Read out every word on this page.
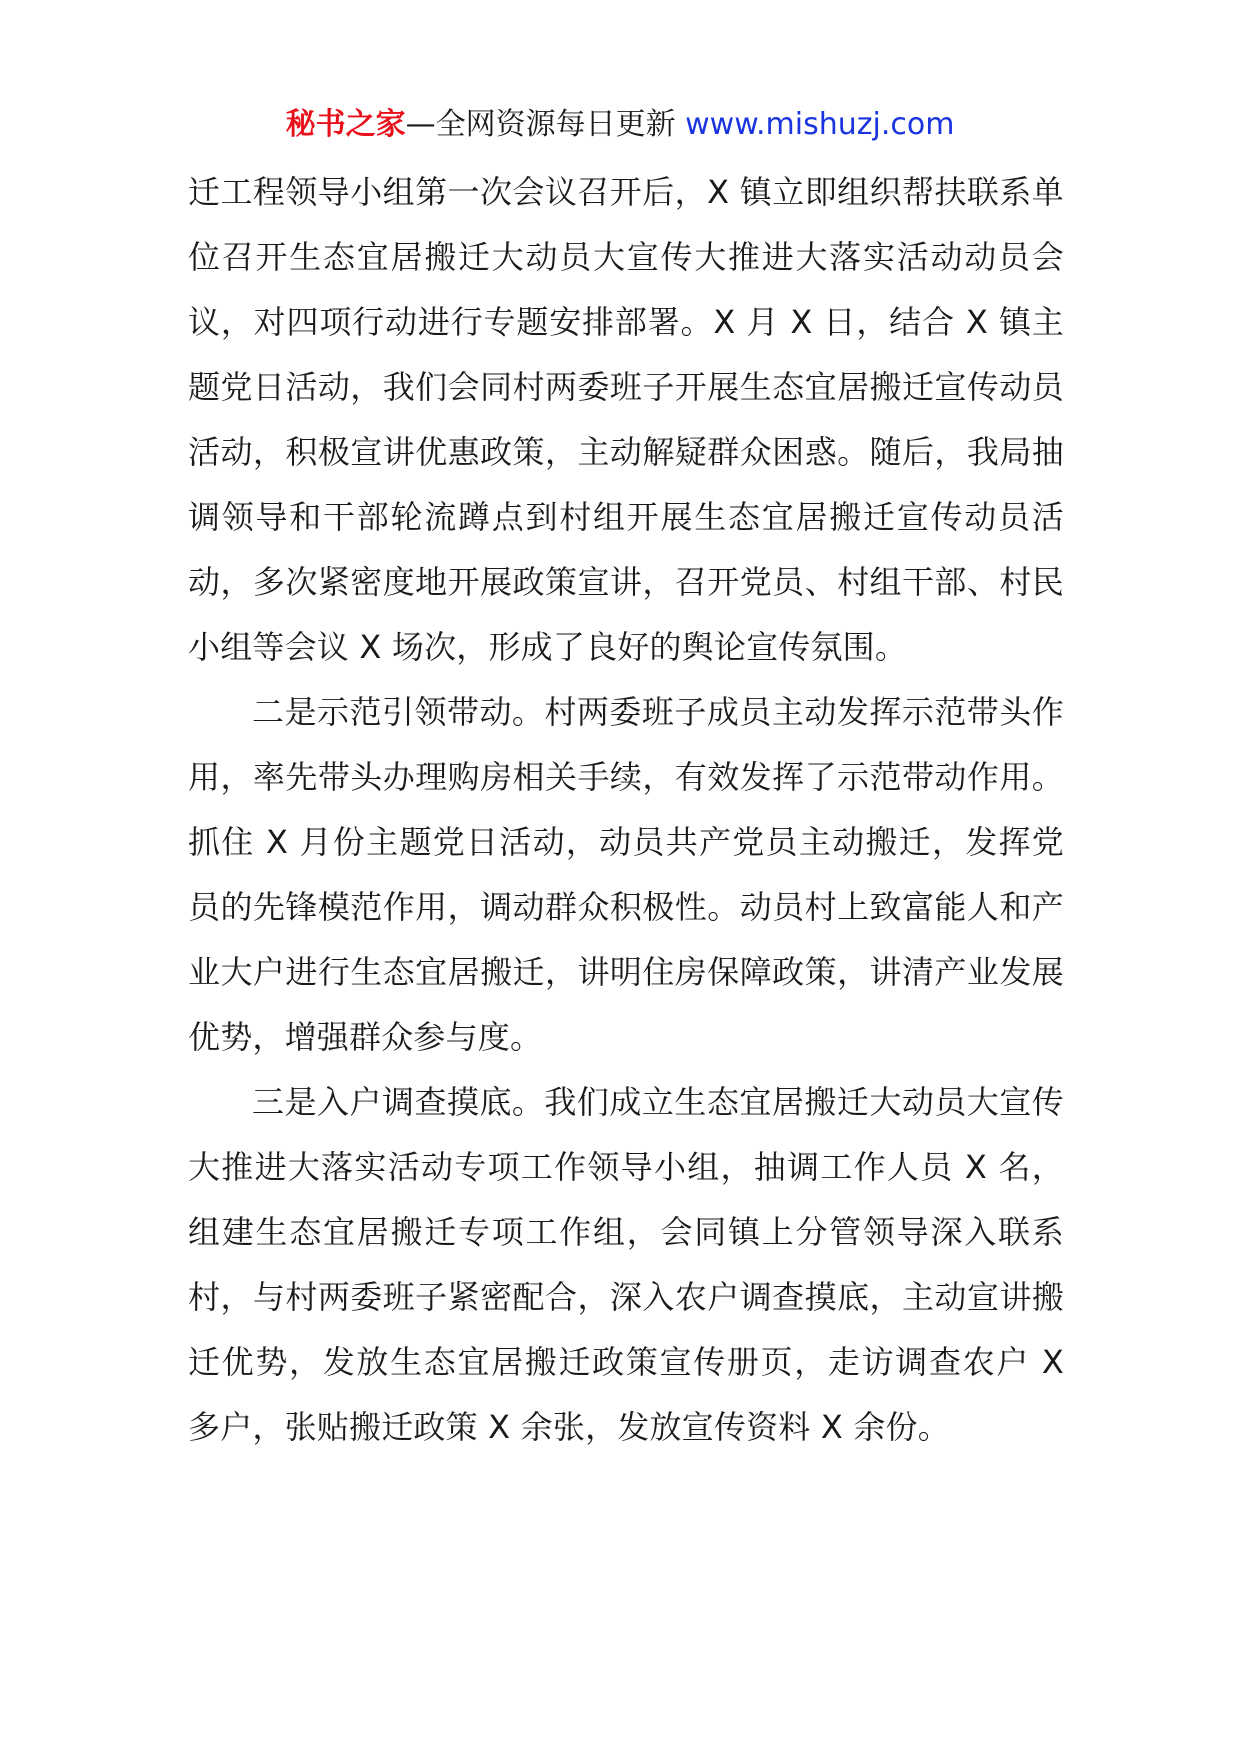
秘书之家—全网资源每日更新 www.mishuzj.com

迁工程领导小组第一次会议召开后，X 镇立即组织帮扶联系单位召开生态宜居搬迁大动员大宣传大推进大落实活动动员会议，对四项行动进行专题安排部署。X 月 X 日，结合 X 镇主题党日活动，我们会同村两委班子开展生态宜居搬迁宣传动员活动，积极宣讲优惠政策，主动解疑群众困惑。随后，我局抽调领导和干部轮流蹲点到村组开展生态宜居搬迁宣传动员活动，多次紧密度地开展政策宣讲，召开党员、村组干部、村民小组等会议 X 场次，形成了良好的舆论宣传氛围。

二是示范引领带动。村两委班子成员主动发挥示范带头作用，率先带头办理购房相关手续，有效发挥了示范带动作用。抓住 X 月份主题党日活动，动员共产党员主动搬迁，发挥党员的先锋模范作用，调动群众积极性。动员村上致富能人和产业大户进行生态宜居搬迁，讲明住房保障政策，讲清产业发展优势，增强群众参与度。

三是入户调查摸底。我们成立生态宜居搬迁大动员大宣传大推进大落实活动专项工作领导小组，抽调工作人员 X 名，组建生态宜居搬迁专项工作组，会同镇上分管领导深入联系村，与村两委班子紧密配合，深入农户调查摸底，主动宣讲搬迁优势，发放生态宜居搬迁政策宣传册页，走访调查农户 X 多户，张贴搬迁政策 X 余张，发放宣传资料 X 余份。
